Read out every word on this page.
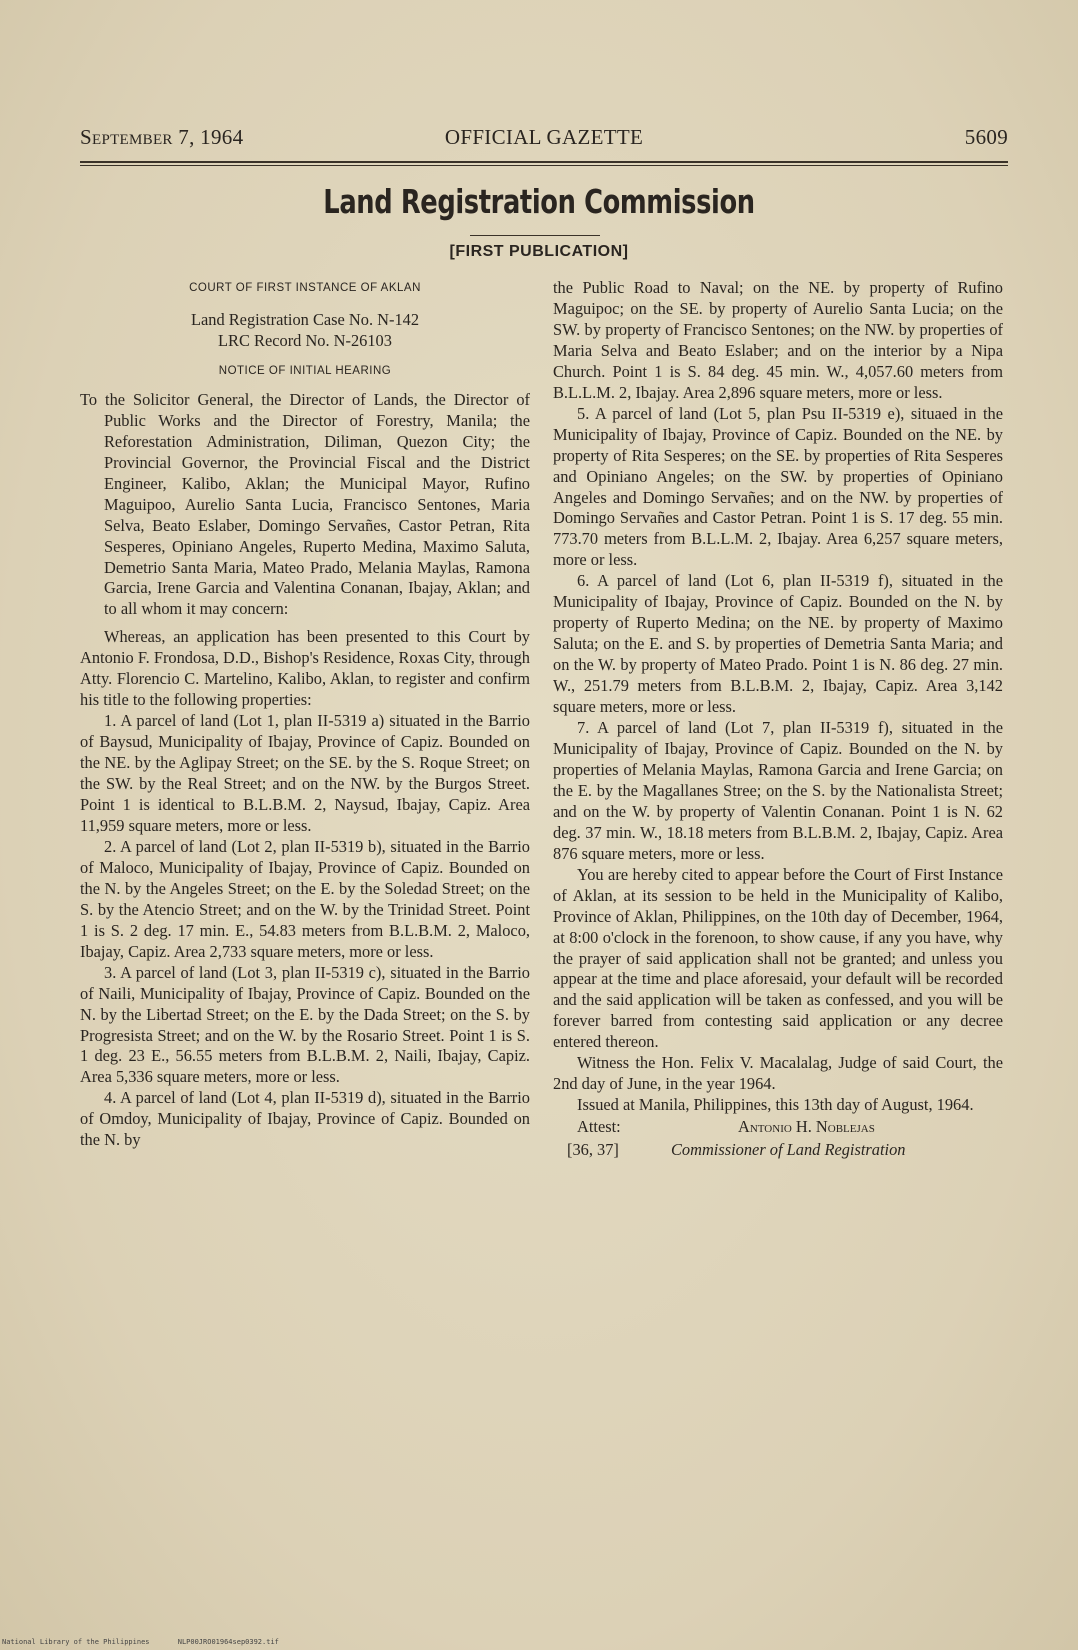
September 7, 1964	OFFICIAL GAZETTE	5609
Land Registration Commission
[FIRST PUBLICATION]

COURT OF FIRST INSTANCE OF AKLAN

Land Registration Case No. N-142

LRC Record No. N-26103

NOTICE OF INITIAL HEARING

To the Solicitor General, the Director of Lands, the Director of Public Works and the Director of Forestry, Manila; the Reforestation Administration, Diliman, Quezon City; the Provincial Governor, the Provincial Fiscal and the District Engineer, Kalibo, Aklan; the Municipal Mayor, Rufino Maguipoo, Aurelio Santa Lucia, Francisco Sentones, Maria Selva, Beato Eslaber, Domingo Servañes, Castor Petran, Rita Sesperes, Opiniano Angeles, Ruperto Medina, Maximo Saluta, Demetrio Santa Maria, Mateo Prado, Melania Maylas, Ramona Garcia, Irene Garcia and Valentina Conanan, Ibajay, Aklan; and to all whom it may concern:

Whereas, an application has been presented to this Court by Antonio F. Frondosa, D.D., Bishop's Residence, Roxas City, through Atty. Florencio C. Martelino, Kalibo, Aklan, to register and confirm his title to the following properties:

1. A parcel of land (Lot 1, plan II-5319 a) situated in the Barrio of Baysud, Municipality of Ibajay, Province of Capiz. Bounded on the NE. by the Aglipay Street; on the SE. by the S. Roque Street; on the SW. by the Real Street; and on the NW. by the Burgos Street. Point 1 is identical to B.L.B.M. 2, Naysud, Ibajay, Capiz. Area 11,959 square meters, more or less.

2. A parcel of land (Lot 2, plan II-5319 b), situated in the Barrio of Maloco, Municipality of Ibajay, Province of Capiz. Bounded on the N. by the Angeles Street; on the E. by the Soledad Street; on the S. by the Atencio Street; and on the W. by the Trinidad Street. Point 1 is S. 2 deg. 17 min. E., 54.83 meters from B.L.B.M. 2, Maloco, Ibajay, Capiz. Area 2,733 square meters, more or less.

3. A parcel of land (Lot 3, plan II-5319 c), situated in the Barrio of Naili, Municipality of Ibajay, Province of Capiz. Bounded on the N. by the Libertad Street; on the E. by the Dada Street; on the S. by Progresista Street; and on the W. by the Rosario Street. Point 1 is S. 1 deg. 23 E., 56.55 meters from B.L.B.M. 2, Naili, Ibajay, Capiz. Area 5,336 square meters, more or less.

4. A parcel of land (Lot 4, plan II-5319 d), situated in the Barrio of Omdoy, Municipality of Ibajay, Province of Capiz. Bounded on the N. by

the Public Road to Naval; on the NE. by property of Rufino Maguipoc; on the SE. by property of Aurelio Santa Lucia; on the SW. by property of Francisco Sentones; on the NW. by properties of Maria Selva and Beato Eslaber; and on the interior by a Nipa Church. Point 1 is S. 84 deg. 45 min. W., 4,057.60 meters from B.L.L.M. 2, Ibajay. Area 2,896 square meters, more or less.

5. A parcel of land (Lot 5, plan Psu II-5319 e), situaed in the Municipality of Ibajay, Province of Capiz. Bounded on the NE. by property of Rita Sesperes; on the SE. by properties of Rita Sesperes and Opiniano Angeles; on the SW. by properties of Opiniano Angeles and Domingo Servañes; and on the NW. by properties of Domingo Servañes and Castor Petran. Point 1 is S. 17 deg. 55 min. 773.70 meters from B.L.L.M. 2, Ibajay. Area 6,257 square meters, more or less.

6. A parcel of land (Lot 6, plan II-5319 f), situated in the Municipality of Ibajay, Province of Capiz. Bounded on the N. by property of Ruperto Medina; on the NE. by property of Maximo Saluta; on the E. and S. by properties of Demetria Santa Maria; and on the W. by property of Mateo Prado. Point 1 is N. 86 deg. 27 min. W., 251.79 meters from B.L.B.M. 2, Ibajay, Capiz. Area 3,142 square meters, more or less.

7. A parcel of land (Lot 7, plan II-5319 f), situated in the Municipality of Ibajay, Province of Capiz. Bounded on the N. by properties of Melania Maylas, Ramona Garcia and Irene Garcia; on the E. by the Magallanes Stree; on the S. by the Nationalista Street; and on the W. by property of Valentin Conanan. Point 1 is N. 62 deg. 37 min. W., 18.18 meters from B.L.B.M. 2, Ibajay, Capiz. Area 876 square meters, more or less.

You are hereby cited to appear before the Court of First Instance of Aklan, at its session to be held in the Municipality of Kalibo, Province of Aklan, Philippines, on the 10th day of December, 1964, at 8:00 o'clock in the forenoon, to show cause, if any you have, why the prayer of said application shall not be granted; and unless you appear at the time and place aforesaid, your default will be recorded and the said application will be taken as confessed, and you will be forever barred from contesting said application or any decree entered thereon.

Witness the Hon. Felix V. Macalalag, Judge of said Court, the 2nd day of June, in the year 1964.

Issued at Manila, Philippines, this 13th day of August, 1964.

Attest:	Antonio H. Noblejas

[36, 37]	Commissioner of Land Registration

National Library of the Philippines	NLP00JRO01964sep0392.tif
